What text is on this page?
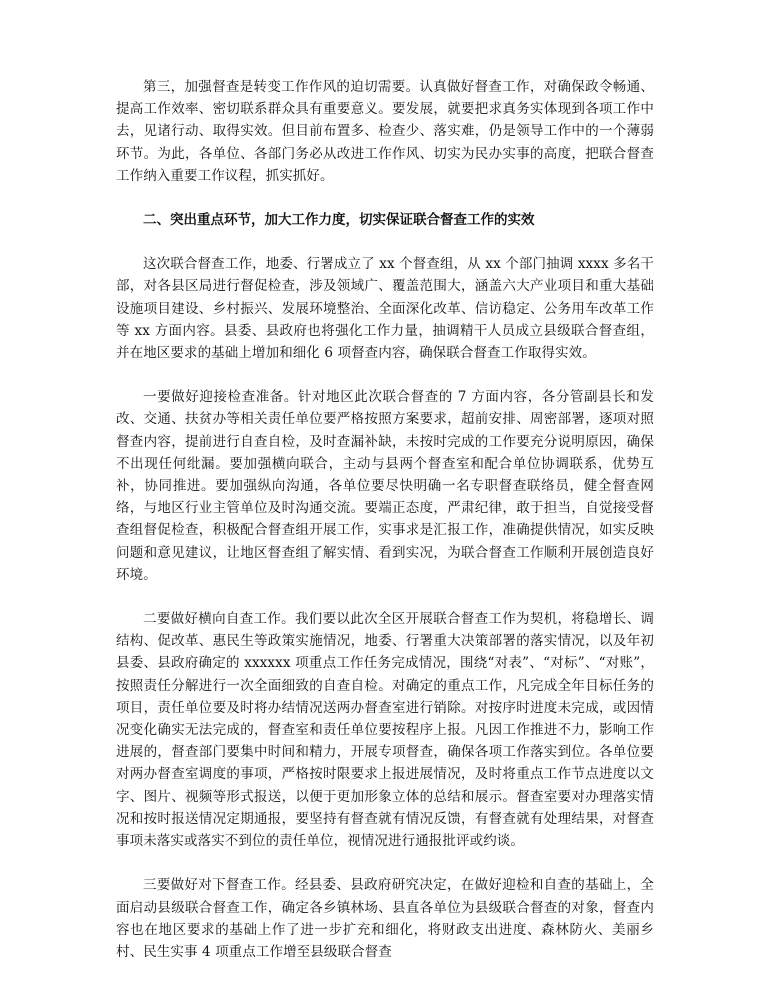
第三，加强督查是转变工作作风的迫切需要。认真做好督查工作，对确保政令畅通、提高工作效率、密切联系群众具有重要意义。要发展，就要把求真务实体现到各项工作中去，见诸行动、取得实效。但目前布置多、检查少、落实难，仍是领导工作中的一个薄弱环节。为此，各单位、各部门务必从改进工作作风、切实为民办实事的高度，把联合督查工作纳入重要工作议程，抓实抓好。

二、突出重点环节，加大工作力度，切实保证联合督查工作的实效

这次联合督查工作，地委、行署成立了 xx 个督查组，从 xx 个部门抽调 xxxx 多名干部，对各县区局进行督促检查，涉及领域广、覆盖范围大，涵盖六大产业项目和重大基础设施项目建设、乡村振兴、发展环境整治、全面深化改革、信访稳定、公务用车改革工作等 xx 方面内容。县委、县政府也将强化工作力量，抽调精干人员成立县级联合督查组，并在地区要求的基础上增加和细化 6 项督查内容，确保联合督查工作取得实效。

一要做好迎接检查准备。针对地区此次联合督查的 7 方面内容，各分管副县长和发改、交通、扶贫办等相关责任单位要严格按照方案要求，超前安排、周密部署，逐项对照督查内容，提前进行自查自检，及时查漏补缺，未按时完成的工作要充分说明原因，确保不出现任何纰漏。要加强横向联合，主动与县两个督查室和配合单位协调联系，优势互补，协同推进。要加强纵向沟通，各单位要尽快明确一名专职督查联络员，健全督查网络，与地区行业主管单位及时沟通交流。要端正态度，严肃纪律，敢于担当，自觉接受督查组督促检查，积极配合督查组开展工作，实事求是汇报工作，准确提供情况，如实反映问题和意见建议，让地区督查组了解实情、看到实况，为联合督查工作顺利开展创造良好环境。

二要做好横向自查工作。我们要以此次全区开展联合督查工作为契机，将稳增长、调结构、促改革、惠民生等政策实施情况，地委、行署重大决策部署的落实情况，以及年初县委、县政府确定的 xxxxxx 项重点工作任务完成情况，围绕“对表”、“对标”、“对账”，按照责任分解进行一次全面细致的自查自检。对确定的重点工作，凡完成全年目标任务的项目，责任单位要及时将办结情况送两办督查室进行销除。对按序时进度未完成，或因情况变化确实无法完成的，督查室和责任单位要按程序上报。凡因工作推进不力，影响工作进展的，督查部门要集中时间和精力，开展专项督查，确保各项工作落实到位。各单位要对两办督查室调度的事项，严格按时限要求上报进展情况，及时将重点工作节点进度以文字、图片、视频等形式报送，以便于更加形象立体的总结和展示。督查室要对办理落实情况和按时报送情况定期通报，要坚持有督查就有情况反馈，有督查就有处理结果，对督查事项未落实或落实不到位的责任单位，视情况进行通报批评或约谈。

三要做好对下督查工作。经县委、县政府研究决定，在做好迎检和自查的基础上，全面启动县级联合督查工作，确定各乡镇林场、县直各单位为县级联合督查的对象，督查内容也在地区要求的基础上作了进一步扩充和细化，将财政支出进度、森林防火、美丽乡村、民生实事 4 项重点工作增至县级联合督查
